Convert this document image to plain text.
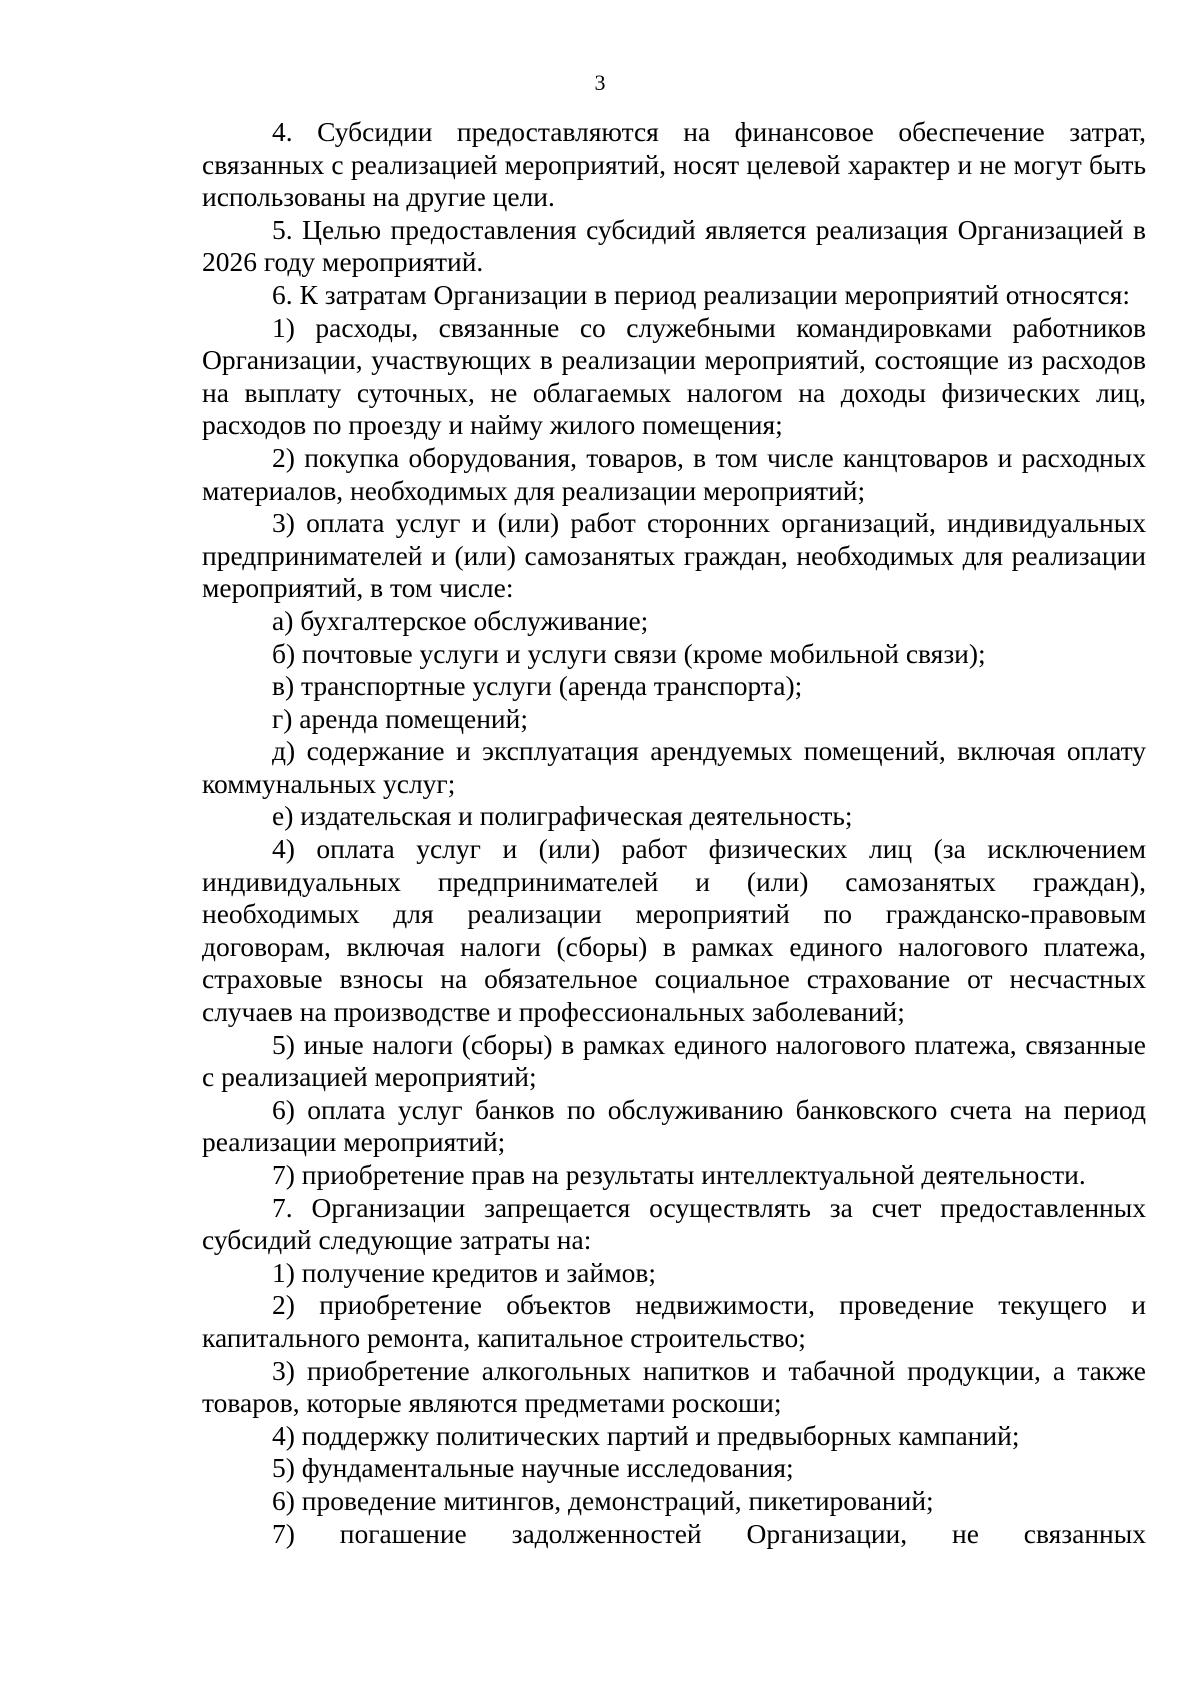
3

4. Субсидии предоставляются на финансовое обеспечение затрат, связанных с реализацией мероприятий, носят целевой характер и не могут быть использованы на другие цели.

5. Целью предоставления субсидий является реализация Организацией в 2026 году мероприятий.

6. К затратам Организации в период реализации мероприятий относятся:

1) расходы, связанные со служебными командировками работников Организации, участвующих в реализации мероприятий, состоящие из расходов на выплату суточных, не облагаемых налогом на доходы физических лиц, расходов по проезду и найму жилого помещения;

2) покупка оборудования, товаров, в том числе канцтоваров и расходных материалов, необходимых для реализации мероприятий;

3) оплата услуг и (или) работ сторонних организаций, индивидуальных предпринимателей и (или) самозанятых граждан, необходимых для реализации мероприятий, в том числе:

а) бухгалтерское обслуживание;

б) почтовые услуги и услуги связи (кроме мобильной связи);

в) транспортные услуги (аренда транспорта);

г) аренда помещений;

д) содержание и эксплуатация арендуемых помещений, включая оплату коммунальных услуг;

е) издательская и полиграфическая деятельность;

4) оплата услуг и (или) работ физических лиц (за исключением индивидуальных предпринимателей и (или) самозанятых граждан), необходимых для реализации мероприятий по гражданско-правовым договорам, включая налоги (сборы) в рамках единого налогового платежа, страховые взносы на обязательное социальное страхование от несчастных случаев на производстве и профессиональных заболеваний;

5) иные налоги (сборы) в рамках единого налогового платежа, связанные с реализацией мероприятий;

6) оплата услуг банков по обслуживанию банковского счета на период реализации мероприятий;

7) приобретение прав на результаты интеллектуальной деятельности.

7. Организации запрещается осуществлять за счет предоставленных субсидий следующие затраты на:

1) получение кредитов и займов;

2) приобретение объектов недвижимости, проведение текущего и капитального ремонта, капитальное строительство;

3) приобретение алкогольных напитков и табачной продукции, а также товаров, которые являются предметами роскоши;

4) поддержку политических партий и предвыборных кампаний;

5) фундаментальные научные исследования;

6) проведение митингов, демонстраций, пикетирований;

7) погашение задолженностей Организации, не связанных
